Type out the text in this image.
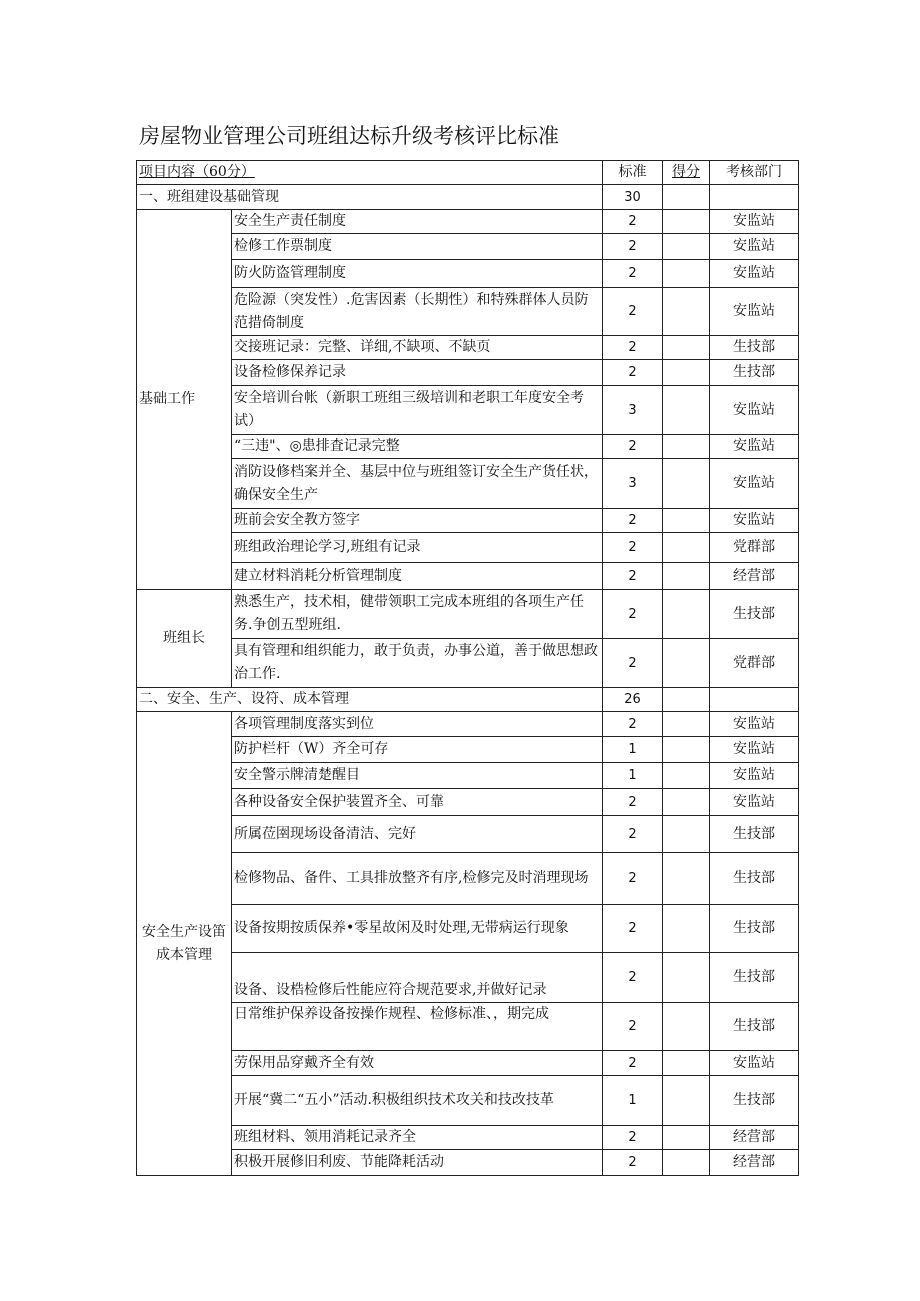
房屋物业管理公司班组达标升级考核评比标准
项目内容（60分）		标准	得分	考核部门
一、班组建设基础管现		30		
基础工作	安全生产责任制度	2		安监站
	检修工作票制度	2		安监站
	防火防盗管理制度	2		安监站
	危险源（突发性）.危害因素（长期性）和特殊群体人员防范措倚制度	2		安监站
	交接班记录：完整、详细,不缺项、不缺页	2		生技部
	设备检修保养记录	2		生技部
	安全培训台帐（新职工班组三级培训和老职工年度安全考试）	3		安监站
	“三违"、◎患排査记录完整	2		安监站
	消防设修档案并全、基层中位与班组签订安全生产货任状，确保安全生产	3		安监站
	班前会安全教方签字	2		安监站
	班组政治理论学习,班组有记录	2		党群部
	建立材料消耗分析管理制度	2		经营部
班组长	熟悉生产，技术相，健带领职工完成本班组的各项生产任务.争创五型班组.	2		生技部
	具有管理和组织能力，敢于负责，办事公道，善于做思想政治工作.	2		党群部
二、安全、生产、设符、成本管理		26		
安全生产设笛成本管理	各项管理制度落实到位	2		安监站
	防护栏杆（W）齐全可存	1		安监站
	安全警示牌清楚醒目	1		安监站
	各种设备安全保护装置齐全、可靠	2		安监站
	所属莅圉现场设备清洁、完好	2		生技部
	检修物品、备件、工具排放整齐有序,检修完及时消理现场	2		生技部
	设备按期按质保养•零星故闲及时处理,无带病运行现象	2		生技部
	设备、设梏检修后性能应符合规范要求,并做好记录	2		生技部
	日常维护保养设备按操作规程、检修标准、，期完成	2		生技部
	劳保用品穿戴齐全有效	2		安监站
	开展“冀二“五小”活动.积极组织技术攻关和技改技革	1		生技部
	班组材料、领用消耗记录齐全	2		经营部
	积极开展修旧利废、节能降耗活动	2		经营部
